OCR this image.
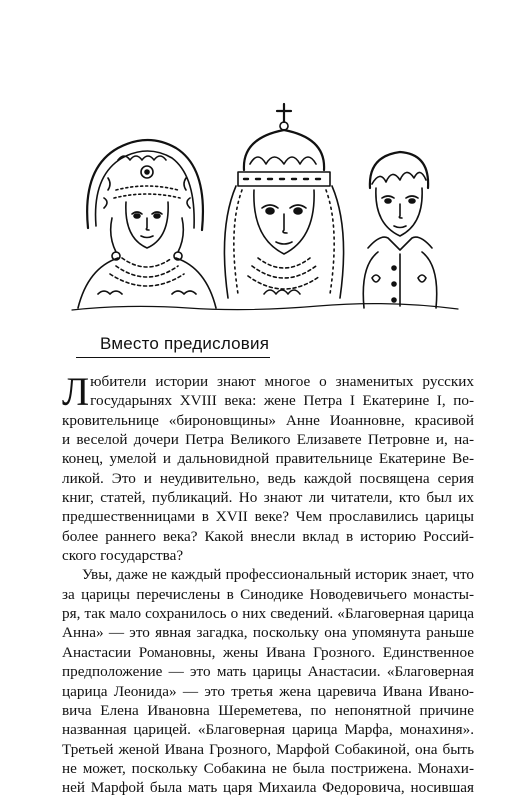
Вместо предисловия
Л юбители истории знают многое о знаменитых русских
государынях XVIII века: жене Петра I Екатерине I, по-
кровительнице «бироновщины» Анне Иоанновне, красивой
и веселой дочери Петра Великого Елизавете Петровне и, на-
конец, умелой и дальновидной правительнице Екатерине Ве-
ликой. Это и неудивительно, ведь каждой посвящена серия
книг, статей, публикаций. Но знают ли читатели, кто был их
предшественницами в XVII веке? Чем прославились царицы
более раннего века? Какой внесли вклад в историю Россий-
ского государства?
Увы, даже не каждый профессиональный историк знает, что
за царицы перечислены в Синодике Новодевичьего монасты-
ря, так мало сохранилось о них сведений. «Благоверная царица
Анна» — это явная загадка, поскольку она упомянута раньше
Анастасии Романовны, жены Ивана Грозного. Единственное
предположение — это мать царицы Анастасии. «Благоверная
царица Леонида» — это третья жена царевича Ивана Ивано-
вича Елена Ивановна Шереметева, по непонятной причине
названная царицей. «Благоверная царица Марфа, монахиня».
Третьей женой Ивана Грозного, Марфой Собакиной, она быть
не может, поскольку Собакина не была пострижена. Монахи-
ней Марфой была мать царя Михаила Федоровича, носившая
